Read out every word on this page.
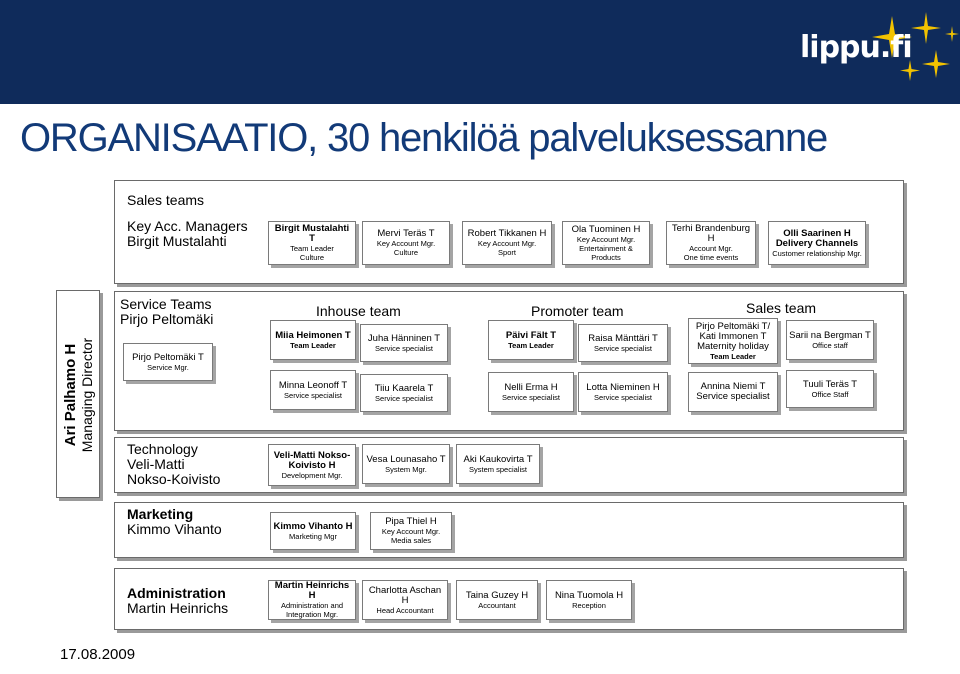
lippu.fi
ORGANISAATIO, 30 henkilöä palveluksessanne
Ari Palhamo H Managing Director
Sales teams
Key Acc. Managers
Birgit Mustalahti
Birgit Mustalahti T
Team Leader
Culture
Mervi Teräs T
Key Account Mgr.
Culture
Robert Tikkanen H
Key Account Mgr.
Sport
Ola Tuominen H
Key Account Mgr.
Entertainment &
Products
Terhi Brandenburg H
Account Mgr.
One time events
Olli Saarinen H
Delivery Channels
Customer relationship Mgr.
Service Teams
Pirjo Peltomäki
Pirjo Peltomäki T
Service Mgr.
Inhouse team	Promoter team	Sales team
Miia Heimonen T
Team Leader
Juha Hänninen T
Service specialist
Minna Leonoff T
Service specialist
Tiiu Kaarela T
Service specialist
Päivi Fält T
Team Leader
Raisa Mänttäri T
Service specialist
Nelli Erma H
Service specialist
Lotta Nieminen H
Service specialist
Pirjo Peltomäki T/
Kati Immonen T
Maternity holiday
Team Leader
Sarii na Bergman T
Office staff
Annina Niemi T
Service specialist
Tuuli Teräs T
Office Staff
Technology
Veli-Matti
Nokso-Koivisto
Veli-Matti Nokso-
Koivisto H
Development Mgr.
Vesa Lounasaho T
System Mgr.
Aki Kaukovirta T
System specialist
Marketing
Kimmo Vihanto	Kimmo Vihanto H
Marketing Mgr
Pipa Thiel H
Key Account Mgr.
Media sales
Administration
Martin Heinrichs
Martin Heinrichs H
Administration and
Integration Mgr.
Charlotta Aschan H
Head Accountant
Taina Guzey H
Accountant
Nina Tuomola H
Reception
17.08.2009
